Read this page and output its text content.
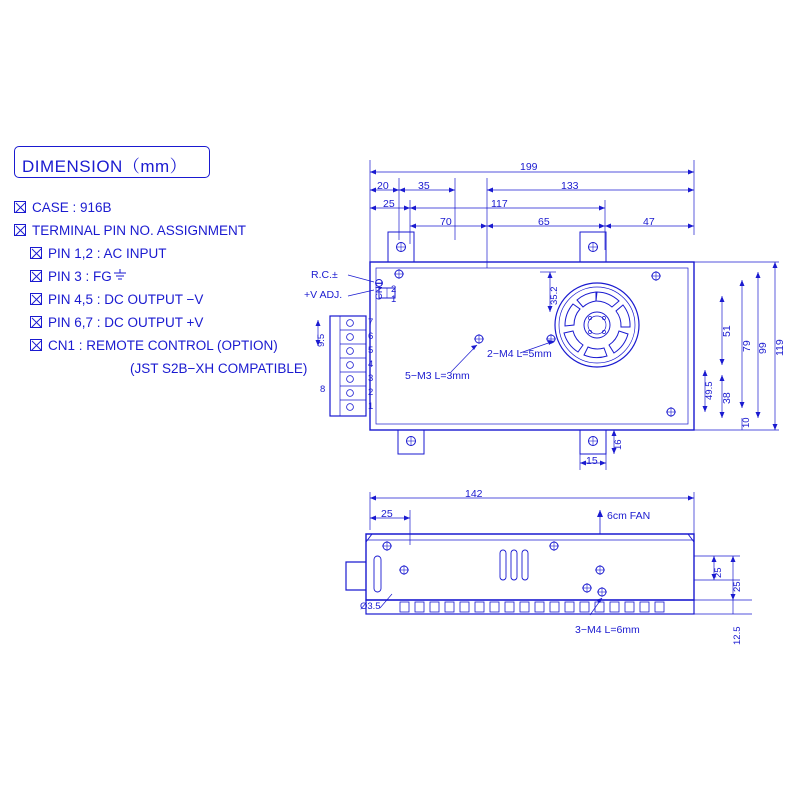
DIMENSION（mm）
CASE : 916B
TERMINAL PIN NO. ASSIGNMENT
PIN 1,2 : AC INPUT
PIN 3 : FG
PIN 4,5 : DC OUTPUT −V
PIN 6,7 : DC OUTPUT +V
CN1 : REMOTE CONTROL (OPTION)
(JST S2B−XH COMPATIBLE)
199
20	35	133
25	117
70	65	47
15
119
99
79
51
38
35.2
49.5
10
16
9.5
R.C.±
+V ADJ.	CN1
2−M4 L=5mm
5−M3 L=3mm
7
6
5
4
3
2
1
2
1
8
142
25
25
25
12.5
6cm FAN
3−M4 L=6mm
Ø3.5
